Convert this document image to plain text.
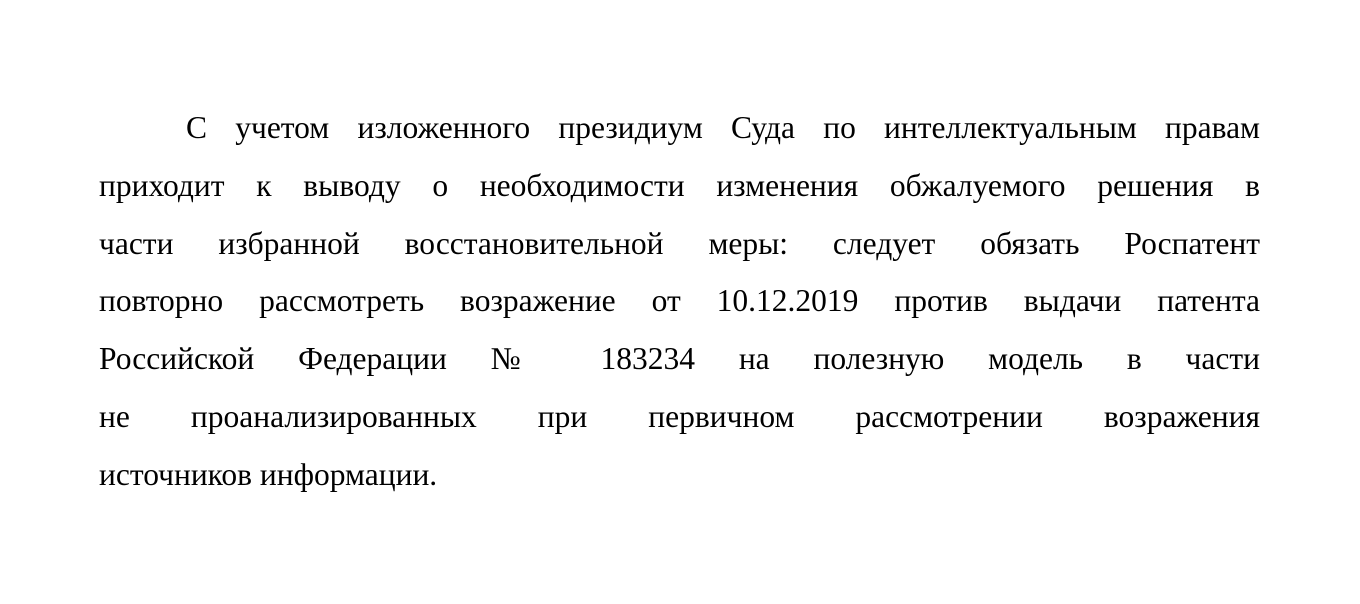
С учетом изложенного президиум Суда по интеллектуальным правам
приходит к выводу о необходимости изменения обжалуемого решения в
части избранной восстановительной меры: следует обязать Роспатент
повторно рассмотреть возражение от 10.12.2019 против выдачи патента
Российской Федерации № 183234 на полезную модель в части
не проанализированных при первичном рассмотрении возражения
источников информации.
